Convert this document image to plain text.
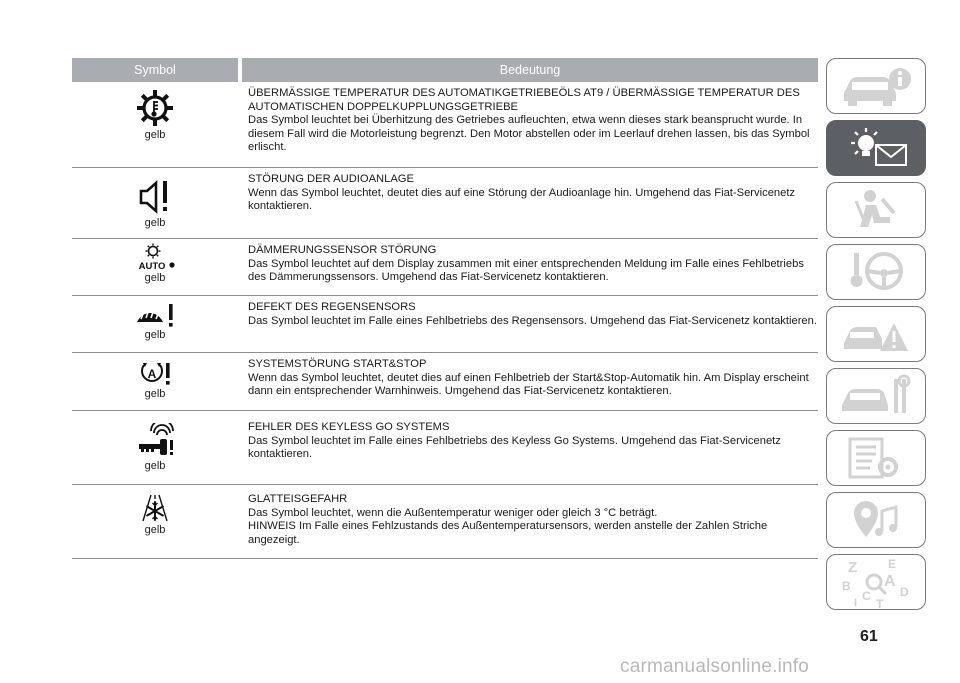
Symbol	Bedeutung
gelb
ÜBERMÄSSIGE TEMPERATUR DES AUTOMATIKGETRIEBEÖLS AT9 / ÜBERMÄSSIGE TEMPERATUR DES AUTOMATISCHEN DOPPELKUPPLUNGSGETRIEBE
Das Symbol leuchtet bei Überhitzung des Getriebes aufleuchten, etwa wenn dieses stark beansprucht wurde. In diesem Fall wird die Motorleistung begrenzt. Den Motor abstellen oder im Leerlauf drehen lassen, bis das Symbol erlischt.
gelb
STÖRUNG DER AUDIOANLAGE
Wenn das Symbol leuchtet, deutet dies auf eine Störung der Audioanlage hin. Umgehend das Fiat-Servicenetz kontaktieren.
AUTO
gelb
DÄMMERUNGSSENSOR STÖRUNG
Das Symbol leuchtet auf dem Display zusammen mit einer entsprechenden Meldung im Falle eines Fehlbetriebs des Dämmerungssensors. Umgehend das Fiat-Servicenetz kontaktieren.
gelb
DEFEKT DES REGENSENSORS
Das Symbol leuchtet im Falle eines Fehlbetriebs des Regensensors. Umgehend das Fiat-Servicenetz kontaktieren.
A
gelb
SYSTEMSTÖRUNG START&STOP
Wenn das Symbol leuchtet, deutet dies auf einen Fehlbetrieb der Start&Stop-Automatik hin. Am Display erscheint dann ein entsprechender Warnhinweis. Umgehend das Fiat-Servicenetz kontaktieren.
gelb
FEHLER DES KEYLESS GO SYSTEMS
Das Symbol leuchtet im Falle eines Fehlbetriebs des Keyless Go Systems. Umgehend das Fiat-Servicenetz kontaktieren.
gelb
GLATTEISGEFAHR
Das Symbol leuchtet, wenn die Außentemperatur weniger oder gleich 3 °C beträgt.
HINWEIS Im Falle eines Fehlzustands des Außentemperatursensors, werden anstelle der Zahlen Striche angezeigt.
Z	E
A
B
C D
I T
61
carmanualsonline.info
